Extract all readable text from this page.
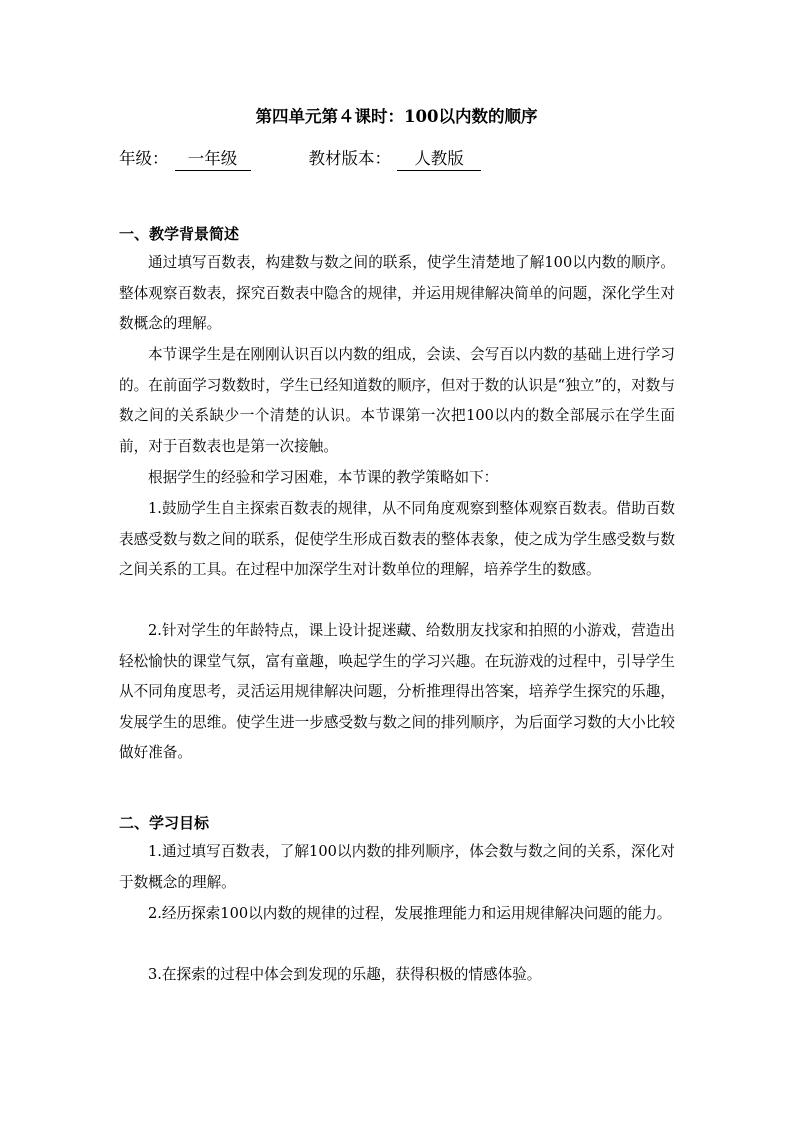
第四单元第４课时：100以内数的顺序
年级： 一年级	教材版本： 人教版
一、教学背景简述

通过填写百数表，构建数与数之间的联系，使学生清楚地了解100以内数的顺序。整体观察百数表，探究百数表中隐含的规律，并运用规律解决简单的问题，深化学生对数概念的理解。

本节课学生是在刚刚认识百以内数的组成，会读、会写百以内数的基础上进行学习的。在前面学习数数时，学生已经知道数的顺序，但对于数的认识是“独立”的，对数与数之间的关系缺少一个清楚的认识。本节课第一次把100以内的数全部展示在学生面前，对于百数表也是第一次接触。

根据学生的经验和学习困难，本节课的教学策略如下：

1.鼓励学生自主探索百数表的规律，从不同角度观察到整体观察百数表。借助百数表感受数与数之间的联系，促使学生形成百数表的整体表象，使之成为学生感受数与数之间关系的工具。在过程中加深学生对计数单位的理解，培养学生的数感。

2.针对学生的年龄特点，课上设计捉迷藏、给数朋友找家和拍照的小游戏，营造出轻松愉快的课堂气氛，富有童趣，唤起学生的学习兴趣。在玩游戏的过程中，引导学生从不同角度思考，灵活运用规律解决问题，分析推理得出答案，培养学生探究的乐趣，发展学生的思维。使学生进一步感受数与数之间的排列顺序，为后面学习数的大小比较做好准备。

二、学习目标

1.通过填写百数表，了解100以内数的排列顺序，体会数与数之间的关系，深化对于数概念的理解。

2.经历探索100以内数的规律的过程，发展推理能力和运用规律解决问题的能力。

3.在探索的过程中体会到发现的乐趣，获得积极的情感体验。
